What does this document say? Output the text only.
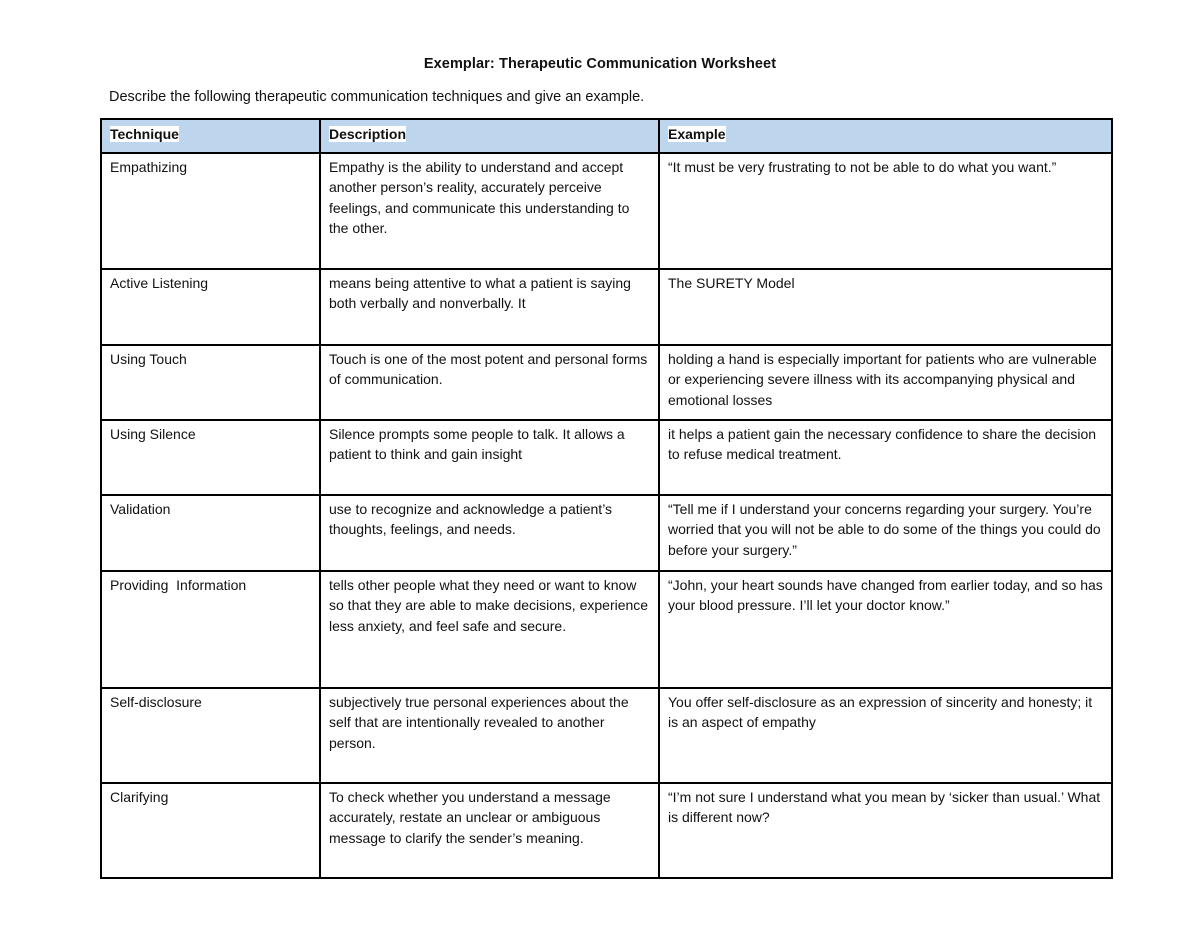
Exemplar: Therapeutic Communication Worksheet
Describe the following therapeutic communication techniques and give an example.
Technique	Description	Example
Empathizing	Empathy is the ability to understand and accept another person’s reality, accurately perceive feelings, and communicate this understanding to the other.	“It must be very frustrating to not be able to do what you want.”
Active Listening	means being attentive to what a patient is saying both verbally and nonverbally. It	The SURETY Model
Using Touch	Touch is one of the most potent and personal forms of communication.	holding a hand is especially important for patients who are vulnerable or experiencing severe illness with its accompanying physical and emotional losses
Using Silence	Silence prompts some people to talk. It allows a patient to think and gain insight	it helps a patient gain the necessary confidence to share the decision to refuse medical treatment.
Validation	use to recognize and acknowledge a patient’s thoughts, feelings, and needs.	“Tell me if I understand your concerns regarding your surgery. You’re worried that you will not be able to do some of the things you could do before your surgery.”
Providing  Information	tells other people what they need or want to know so that they are able to make decisions, experience less anxiety, and feel safe and secure.	“John, your heart sounds have changed from earlier today, and so has your blood pressure. I’ll let your doctor know.”
Self-disclosure	subjectively true personal experiences about the self that are intentionally revealed to another person.	You offer self-disclosure as an expression of sincerity and honesty; it is an aspect of empathy
Clarifying	To check whether you understand a message accurately, restate an unclear or ambiguous message to clarify the sender’s meaning.	“I’m not sure I understand what you mean by ‘sicker than usual.’ What is different now?
